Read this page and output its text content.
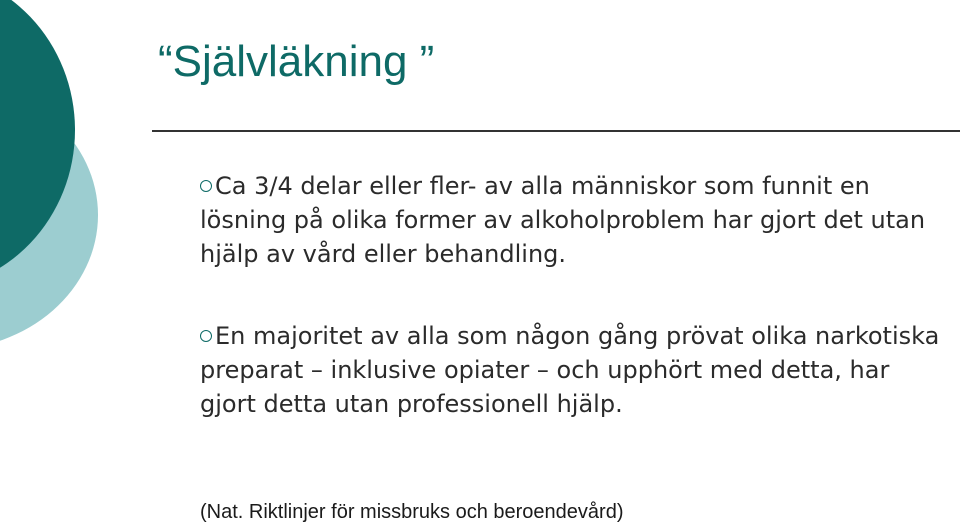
“Självläkning ”
Ca 3/4 delar eller fler- av alla människor som funnit en lösning på olika former av alkoholproblem har gjort det utan hjälp av vård eller behandling.
En majoritet av alla som någon gång prövat olika narkotiska preparat – inklusive opiater – och upphört med detta, har gjort detta utan professionell hjälp.
(Nat. Riktlinjer för missbruks och beroendevård)
